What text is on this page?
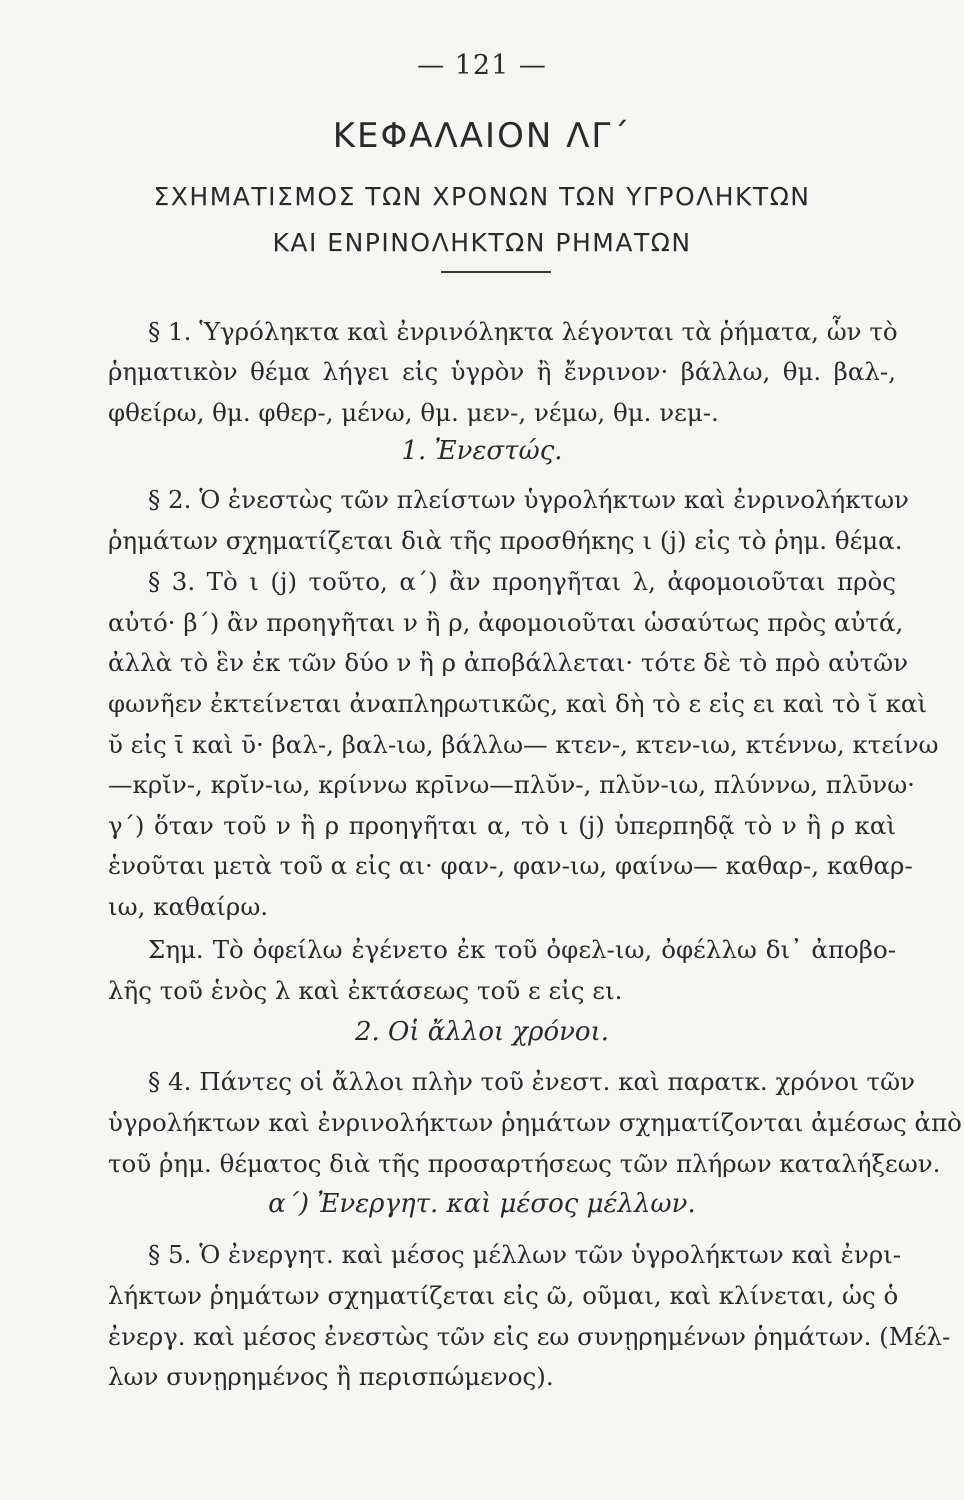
— 121 —
ΚΕΦΑΛΑΙΟΝ ΛΓ΄
ΣΧΗΜΑΤΙΣΜΟΣ ΤΩΝ ΧΡΟΝΩΝ ΤΩΝ ΥΓΡΟΛΗΚΤΩΝ
ΚΑΙ ΕΝΡΙΝΟΛΗΚΤΩΝ ΡΗΜΑΤΩΝ
§ 1. Ὑγρόληκτα καὶ ἐνρινόληκτα λέγονται τὰ ῥήματα, ὧν τὸ
ῥηματικὸν θέμα λήγει εἰς ὑγρὸν ἢ ἔνρινον· βάλλω, θμ. βαλ-,
φθείρω, θμ. φθερ-, μένω, θμ. μεν-, νέμω, θμ. νεμ-.
1. Ἐνεστώς.
§ 2. Ὁ ἐνεστὼς τῶν πλείστων ὑγρολήκτων καὶ ἐνρινολήκτων
ῥημάτων σχηματίζεται διὰ τῆς προσθήκης ι (j) εἰς τὸ ῥημ. θέμα.
§ 3. Τὸ ι (j) τοῦτο, α΄) ἂν προηγῆται λ, ἀφομοιοῦται πρὸς
αὐτό· β΄) ἂν προηγῆται ν ἢ ρ, ἀφομοιοῦται ὡσαύτως πρὸς αὐτά,
ἀλλὰ τὸ ἓν ἐκ τῶν δύο ν ἢ ρ ἀποβάλλεται· τότε δὲ τὸ πρὸ αὐτῶν
φωνῆεν ἐκτείνεται ἀναπληρωτικῶς, καὶ δὴ τὸ ε εἰς ει καὶ τὸ ῐ καὶ
ῠ εἰς ῑ καὶ ῡ· βαλ-, βαλ-ιω, βάλλω— κτεν-, κτεν-ιω, κτέννω, κτείνω
—κρῐν-, κρῐν-ιω, κρίννω κρῑνω—πλῠν-, πλῠν-ιω, πλύννω, πλῡνω·
γ΄) ὅταν τοῦ ν ἢ ρ προηγῆται α, τὸ ι (j) ὑπερπηδᾷ τὸ ν ἢ ρ καὶ
ἑνοῦται μετὰ τοῦ α εἰς αι· φαν-, φαν-ιω, φαίνω— καθαρ-, καθαρ-
ιω, καθαίρω.
Σημ. Τὸ ὀφείλω ἐγένετο ἐκ τοῦ ὀφελ-ιω, ὀφέλλω δι᾿ ἀποβο-
λῆς τοῦ ἑνὸς λ καὶ ἐκτάσεως τοῦ ε εἰς ει.
2. Οἱ ἄλλοι χρόνοι.
§ 4. Πάντες οἱ ἄλλοι πλὴν τοῦ ἐνεστ. καὶ παρατκ. χρόνοι τῶν
ὑγρολήκτων καὶ ἐνρινολήκτων ῥημάτων σχηματίζονται ἀμέσως ἀπὸ
τοῦ ῥημ. θέματος διὰ τῆς προσαρτήσεως τῶν πλήρων καταλήξεων.
α΄) Ἐνεργητ. καὶ μέσος μέλλων.
§ 5. Ὁ ἐνεργητ. καὶ μέσος μέλλων τῶν ὑγρολήκτων καὶ ἐνρι-
λήκτων ῥημάτων σχηματίζεται εἰς ῶ, οῦμαι, καὶ κλίνεται, ὡς ὁ
ἐνεργ. καὶ μέσος ἐνεστὼς τῶν εἰς εω συνῃρημένων ῥημάτων. (Μέλ-
λων συνῃρημένος ἢ περισπώμενος).
